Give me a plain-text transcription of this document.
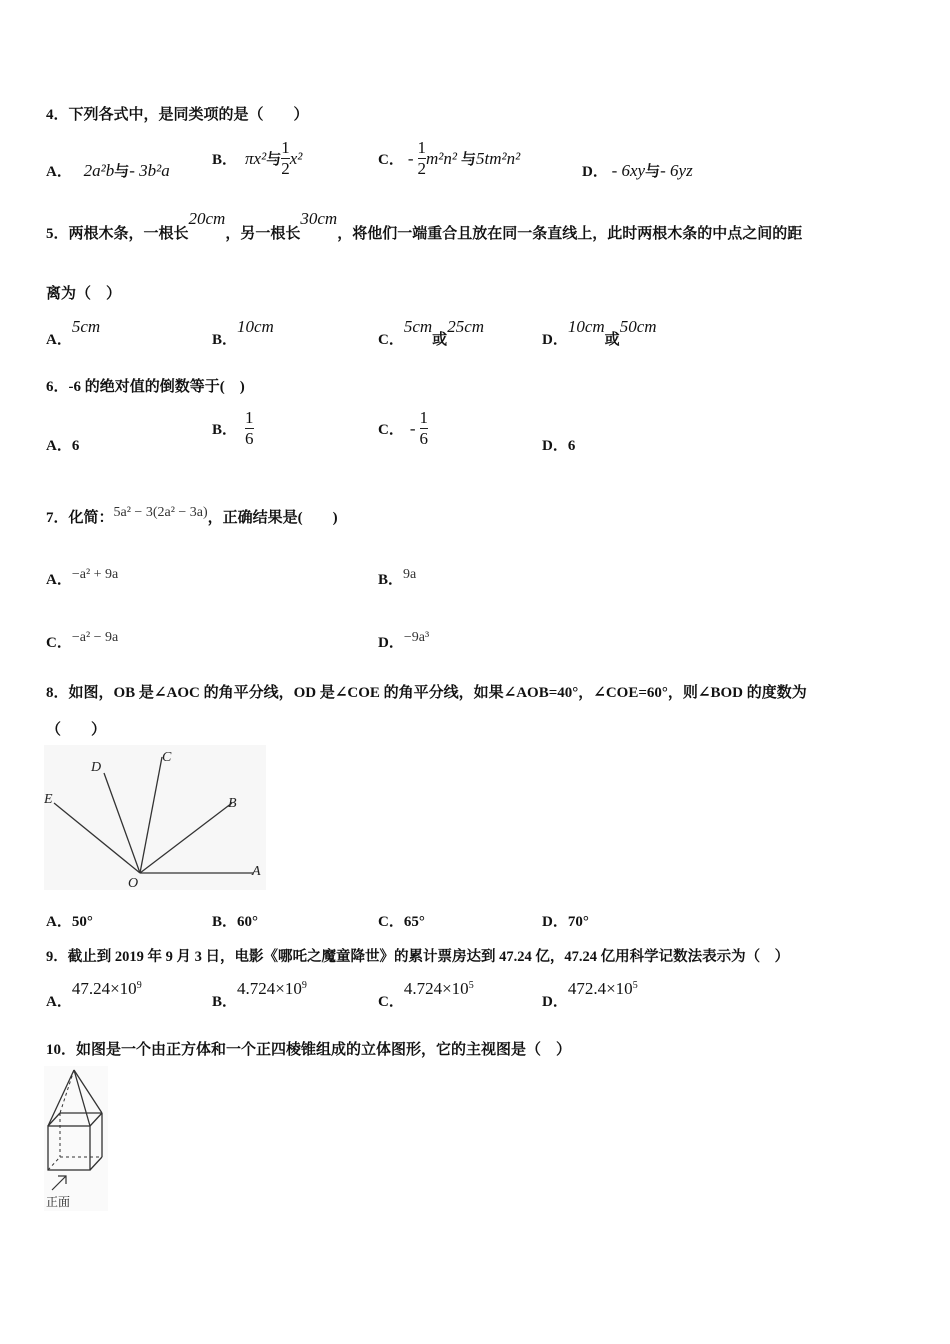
4．下列各式中，是同类项的是（　　）
A． 2a²b与- 3b²a
B． πx² 与 $\frac{1}{2} x^2$	C． - $\frac{1}{2} m^2n^2$ 与 5tm²n²
D． - 6xy与- 6yz
5．两根木条，一根长20cm，另一根长30cm，将他们一端重合且放在同一条直线上，此时两根木条的中点之间的距
离为（　）
A．5cm
B．10cm
C．5cm或25cm
D．10cm或50cm
6．-6 的绝对值的倒数等于(　)
A．6
B． $\frac{1}{6}$	C． - $\frac{1}{6}$	D．6
7．化简：5a² − 3(2a² − 3a)，正确结果是(　　)
A．−a² + 9a	B．9a
C．−a² − 9a	D．−9a³
8．如图，OB 是∠AOC 的角平分线，OD 是∠COE 的角平分线，如果∠AOB=40°，∠COE=60°，则∠BOD 的度数为
（　　）
E
D
C
B
O
A
A．50°	B．60°	C．65°	D．70°
9．截止到 2019 年 9 月 3 日，电影《哪吒之魔童降世》的累计票房达到 47.24 亿，47.24 亿用科学记数法表示为（　）
A．$47.24\times 10^9$
B．$4.724\times 10^9$
C．$4.724\times 10^5$
D．$472.4\times 10^5$
10．如图是一个由正方体和一个正四棱锥组成的立体图形，它的主视图是（　）
正面
